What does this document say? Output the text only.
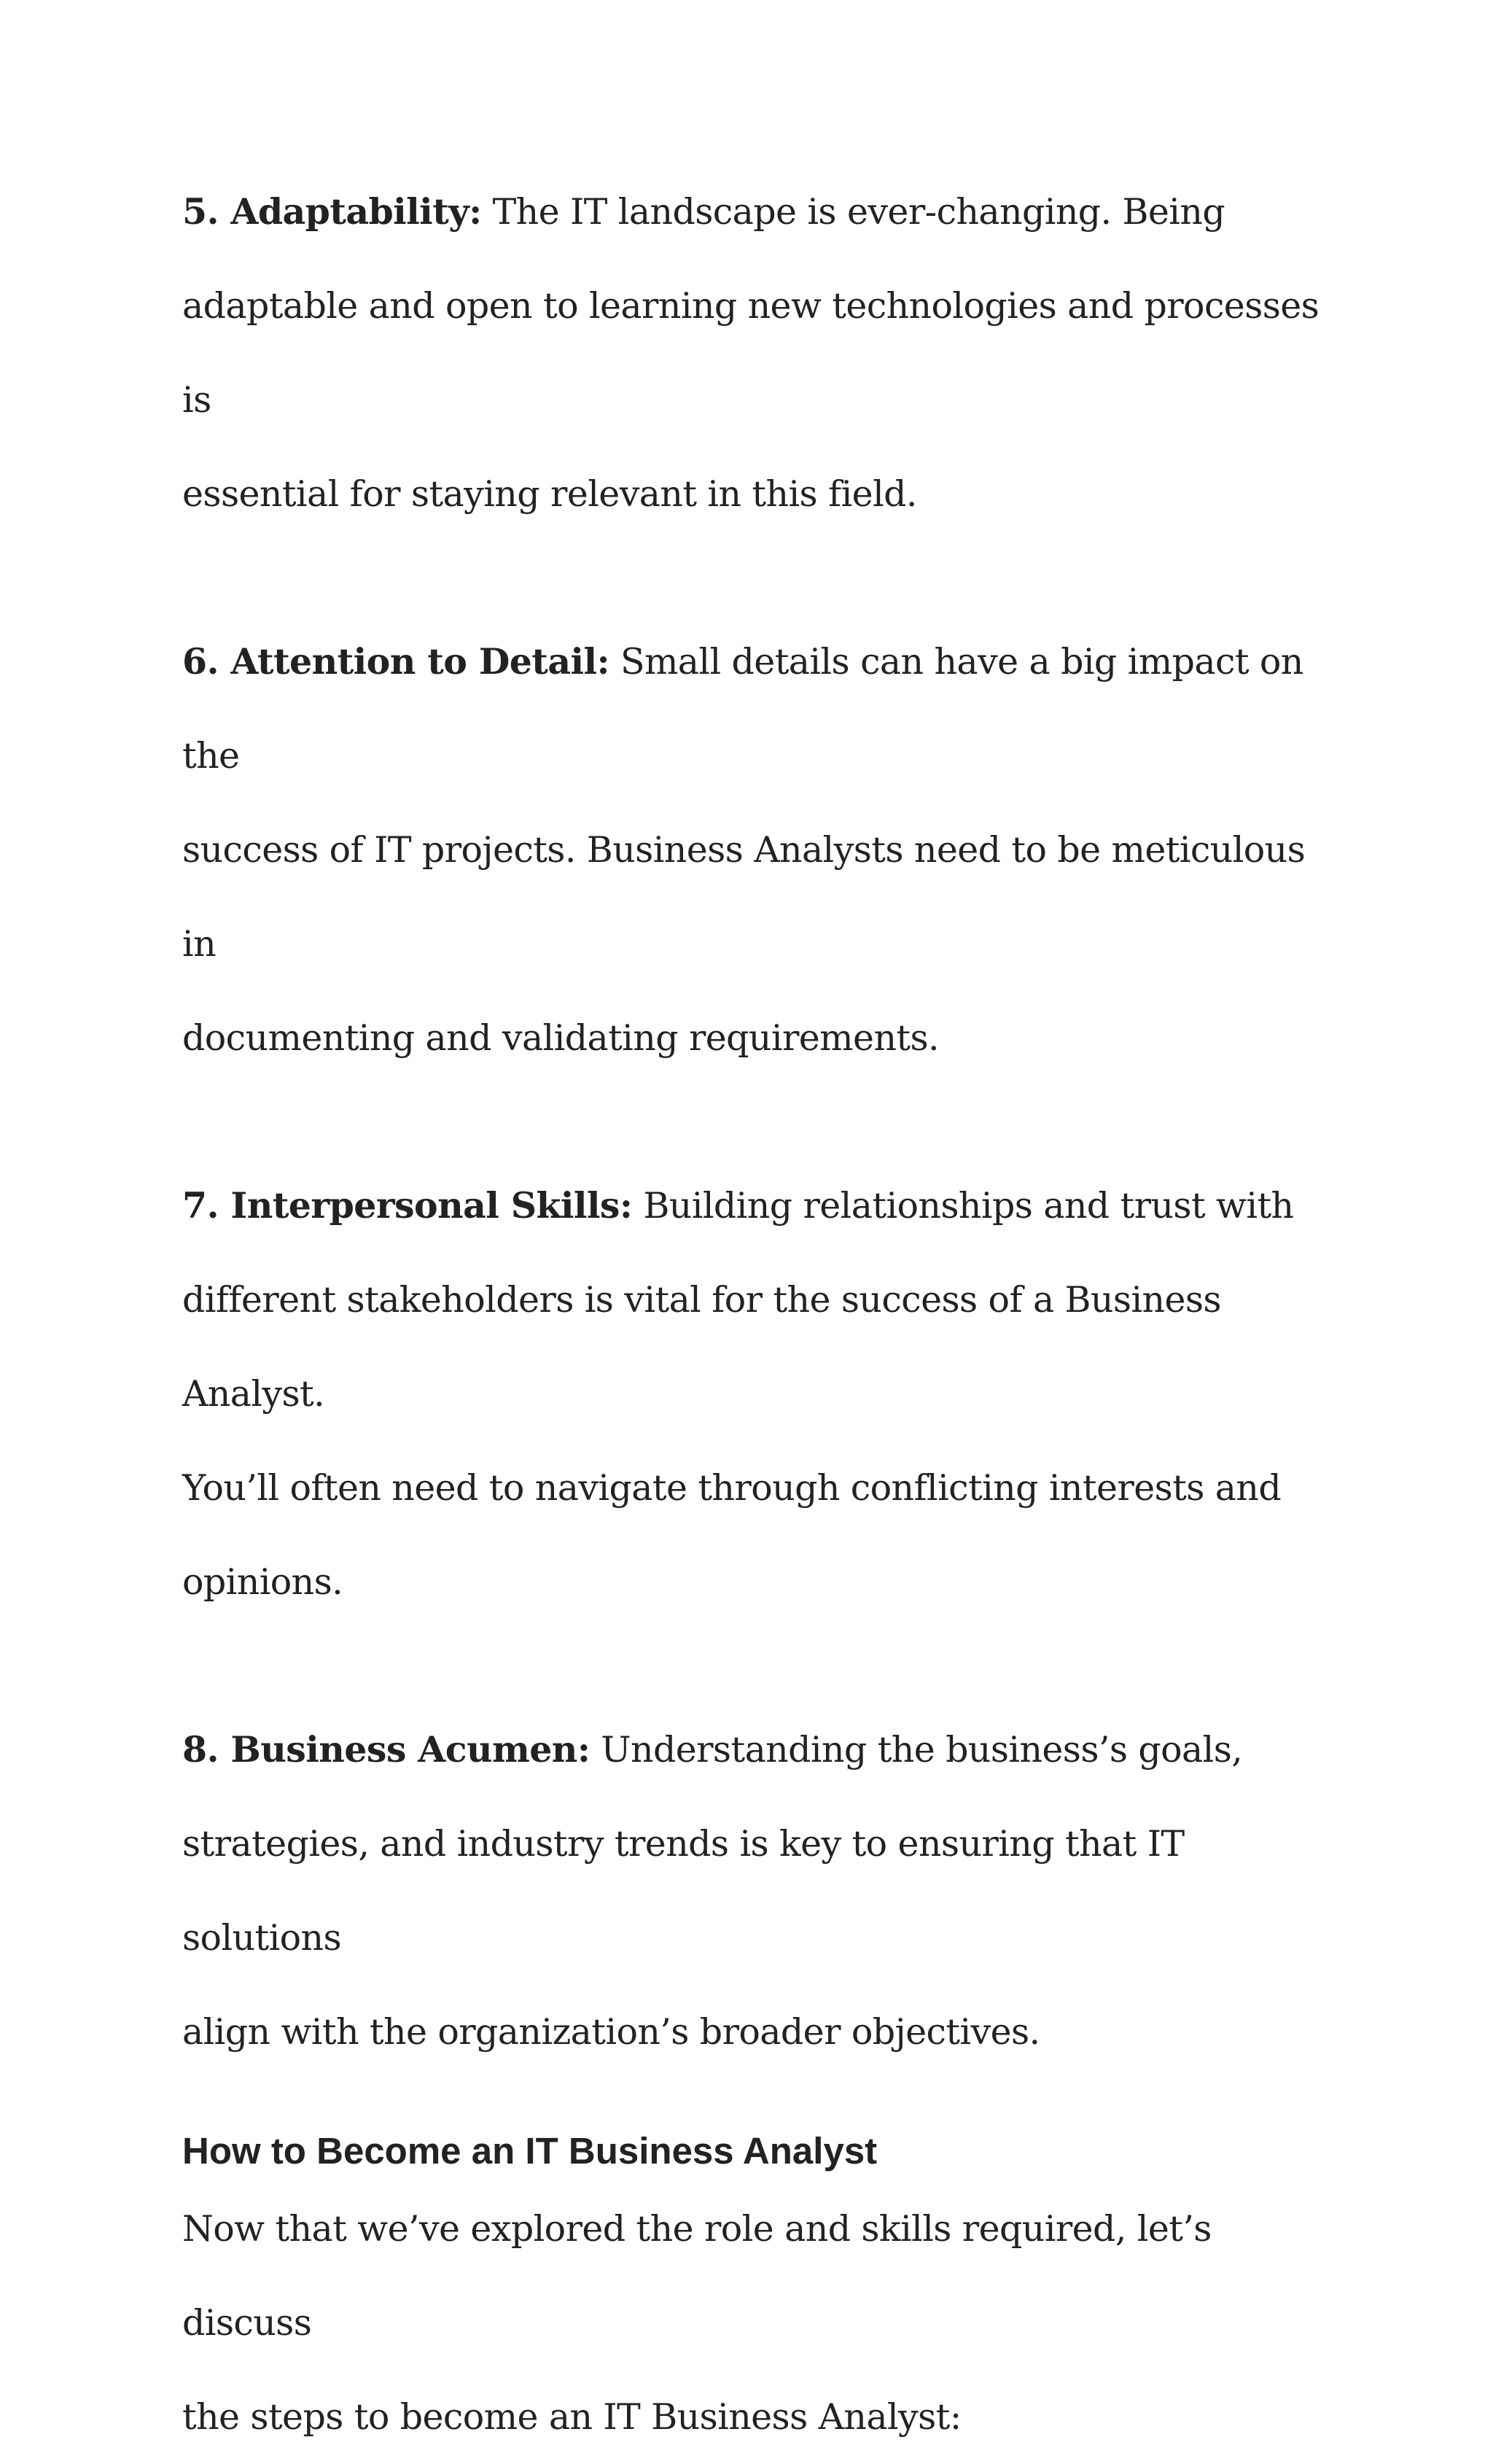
5. Adaptability: The IT landscape is ever-changing. Being
adaptable and open to learning new technologies and processes is
essential for staying relevant in this field.

6. Attention to Detail: Small details can have a big impact on the
success of IT projects. Business Analysts need to be meticulous in
documenting and validating requirements.

7. Interpersonal Skills: Building relationships and trust with
different stakeholders is vital for the success of a Business Analyst.
You’ll often need to navigate through conflicting interests and
opinions.

8. Business Acumen: Understanding the business’s goals,
strategies, and industry trends is key to ensuring that IT solutions
align with the organization’s broader objectives.

How to Become an IT Business Analyst

Now that we’ve explored the role and skills required, let’s discuss
the steps to become an IT Business Analyst:
